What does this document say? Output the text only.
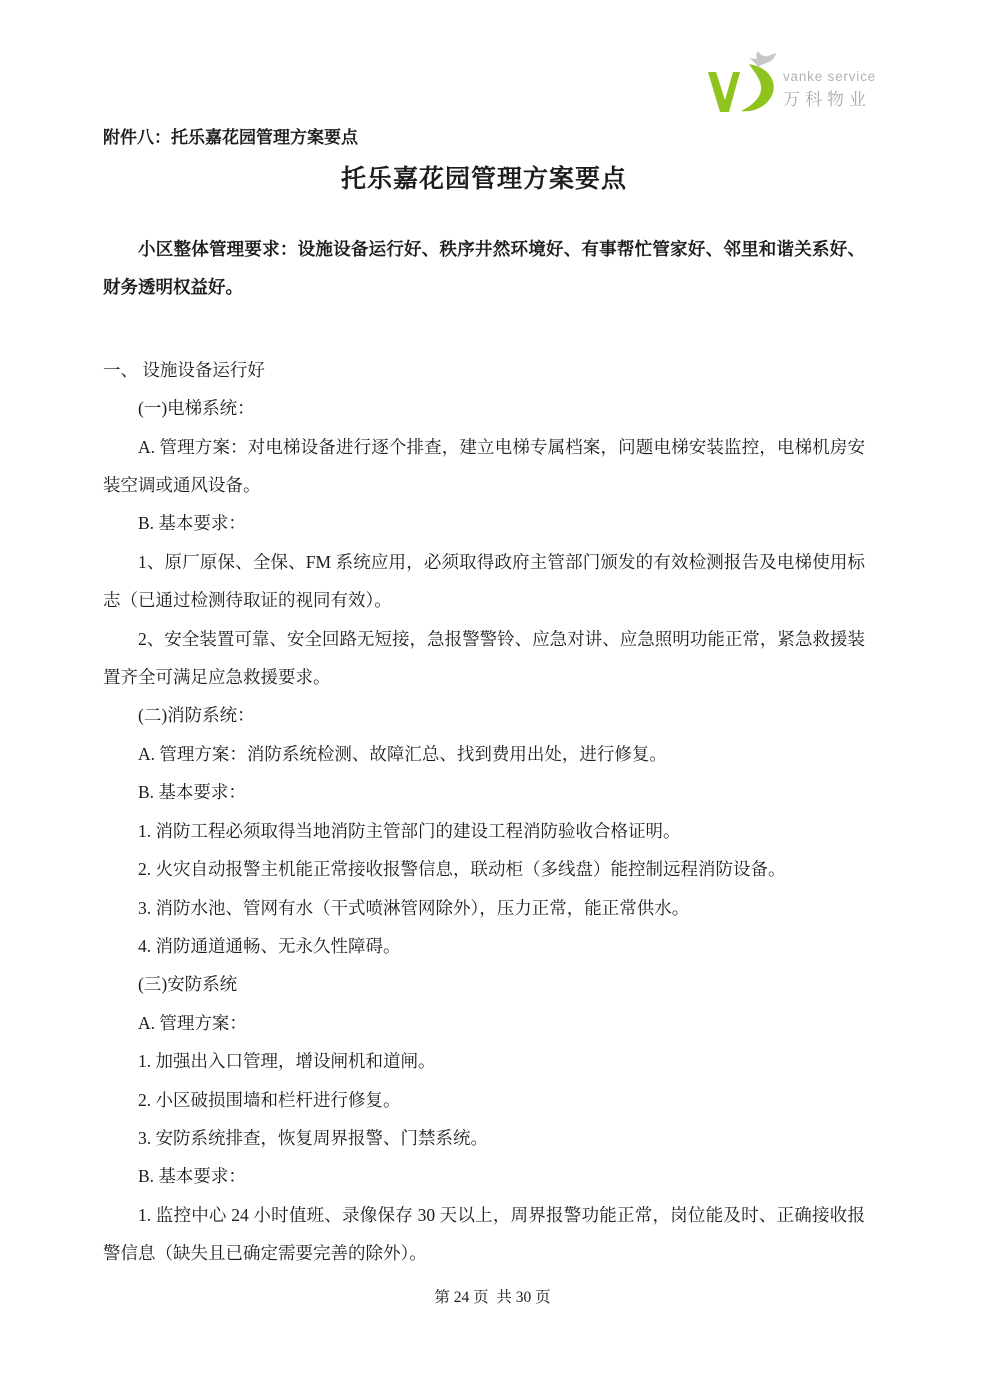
vanke service
万科物业

附件八：托乐嘉花园管理方案要点

托乐嘉花园管理方案要点

小区整体管理要求：设施设备运行好、秩序井然环境好、有事帮忙管家好、邻里和谐关系好、财务透明权益好。

一、 设施设备运行好

(一)电梯系统：

A. 管理方案：对电梯设备进行逐个排查，建立电梯专属档案，问题电梯安装监控，电梯机房安装空调或通风设备。

B. 基本要求：

1、原厂原保、全保、FM 系统应用，必须取得政府主管部门颁发的有效检测报告及电梯使用标志（已通过检测待取证的视同有效）。

2、安全装置可靠、安全回路无短接，急报警警铃、应急对讲、应急照明功能正常，紧急救援装置齐全可满足应急救援要求。

(二)消防系统：

A. 管理方案：消防系统检测、故障汇总、找到费用出处，进行修复。

B. 基本要求：

1. 消防工程必须取得当地消防主管部门的建设工程消防验收合格证明。

2. 火灾自动报警主机能正常接收报警信息，联动柜（多线盘）能控制远程消防设备。

3. 消防水池、管网有水（干式喷淋管网除外），压力正常，能正常供水。

4. 消防通道通畅、无永久性障碍。

(三)安防系统

A. 管理方案：

1. 加强出入口管理，增设闸机和道闸。

2. 小区破损围墙和栏杆进行修复。

3. 安防系统排查，恢复周界报警、门禁系统。

B. 基本要求：

1. 监控中心 24 小时值班、录像保存 30 天以上，周界报警功能正常，岗位能及时、正确接收报警信息（缺失且已确定需要完善的除外）。

第 24 页  共 30 页
